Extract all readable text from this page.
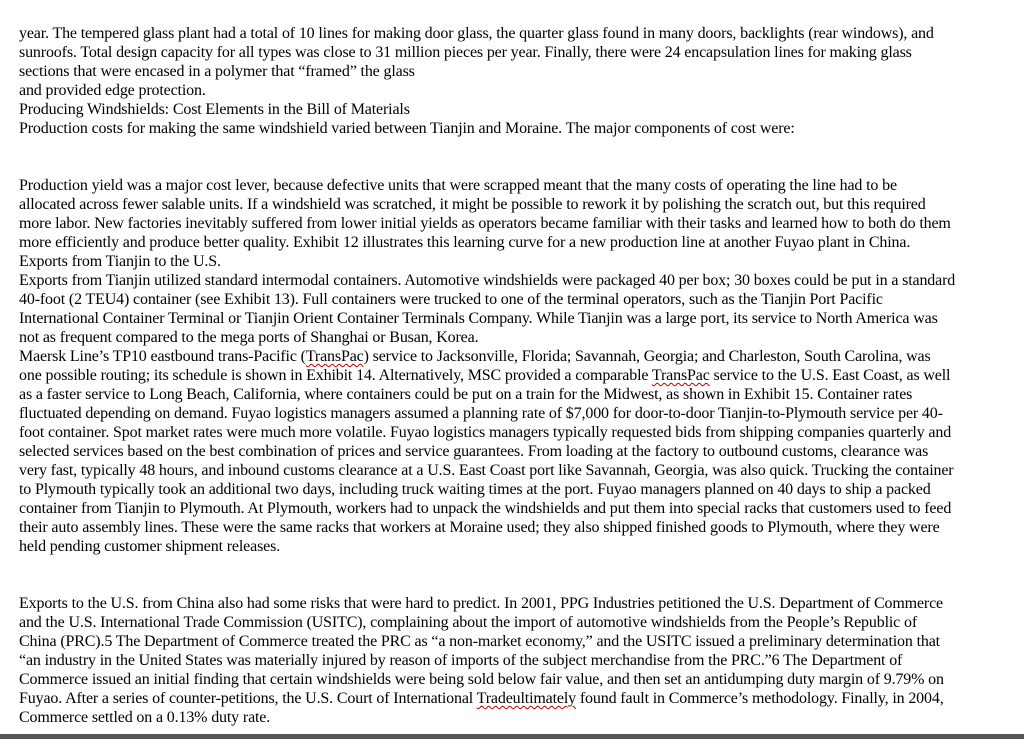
year. The tempered glass plant had a total of 10 lines for making door glass, the quarter glass found in many doors, backlights (rear windows), and
sunroofs. Total design capacity for all types was close to 31 million pieces per year. Finally, there were 24 encapsulation lines for making glass
sections that were encased in a polymer that “framed” the glass
and provided edge protection.
Producing Windshields: Cost Elements in the Bill of Materials
Production costs for making the same windshield varied between Tianjin and Moraine. The major components of cost were:
Production yield was a major cost lever, because defective units that were scrapped meant that the many costs of operating the line had to be
allocated across fewer salable units. If a windshield was scratched, it might be possible to rework it by polishing the scratch out, but this required
more labor. New factories inevitably suffered from lower initial yields as operators became familiar with their tasks and learned how to both do them
more efficiently and produce better quality. Exhibit 12 illustrates this learning curve for a new production line at another Fuyao plant in China.
Exports from Tianjin to the U.S.
Exports from Tianjin utilized standard intermodal containers. Automotive windshields were packaged 40 per box; 30 boxes could be put in a standard
40-foot (2 TEU4) container (see Exhibit 13). Full containers were trucked to one of the terminal operators, such as the Tianjin Port Pacific
International Container Terminal or Tianjin Orient Container Terminals Company. While Tianjin was a large port, its service to North America was
not as frequent compared to the mega ports of Shanghai or Busan, Korea.
Maersk Line’s TP10 eastbound trans-Pacific (TransPac) service to Jacksonville, Florida; Savannah, Georgia; and Charleston, South Carolina, was
one possible routing; its schedule is shown in Exhibit 14. Alternatively, MSC provided a comparable TransPac service to the U.S. East Coast, as well
as a faster service to Long Beach, California, where containers could be put on a train for the Midwest, as shown in Exhibit 15. Container rates
fluctuated depending on demand. Fuyao logistics managers assumed a planning rate of $7,000 for door-to-door Tianjin-to-Plymouth service per 40-
foot container. Spot market rates were much more volatile. Fuyao logistics managers typically requested bids from shipping companies quarterly and
selected services based on the best combination of prices and service guarantees. From loading at the factory to outbound customs, clearance was
very fast, typically 48 hours, and inbound customs clearance at a U.S. East Coast port like Savannah, Georgia, was also quick. Trucking the container
to Plymouth typically took an additional two days, including truck waiting times at the port. Fuyao managers planned on 40 days to ship a packed
container from Tianjin to Plymouth. At Plymouth, workers had to unpack the windshields and put them into special racks that customers used to feed
their auto assembly lines. These were the same racks that workers at Moraine used; they also shipped finished goods to Plymouth, where they were
held pending customer shipment releases.
Exports to the U.S. from China also had some risks that were hard to predict. In 2001, PPG Industries petitioned the U.S. Department of Commerce
and the U.S. International Trade Commission (USITC), complaining about the import of automotive windshields from the People’s Republic of
China (PRC).5 The Department of Commerce treated the PRC as “a non-market economy,” and the USITC issued a preliminary determination that
“an industry in the United States was materially injured by reason of imports of the subject merchandise from the PRC.”6 The Department of
Commerce issued an initial finding that certain windshields were being sold below fair value, and then set an antidumping duty margin of 9.79% on
Fuyao. After a series of counter-petitions, the U.S. Court of International Tradeultimately found fault in Commerce’s methodology. Finally, in 2004,
Commerce settled on a 0.13% duty rate.
